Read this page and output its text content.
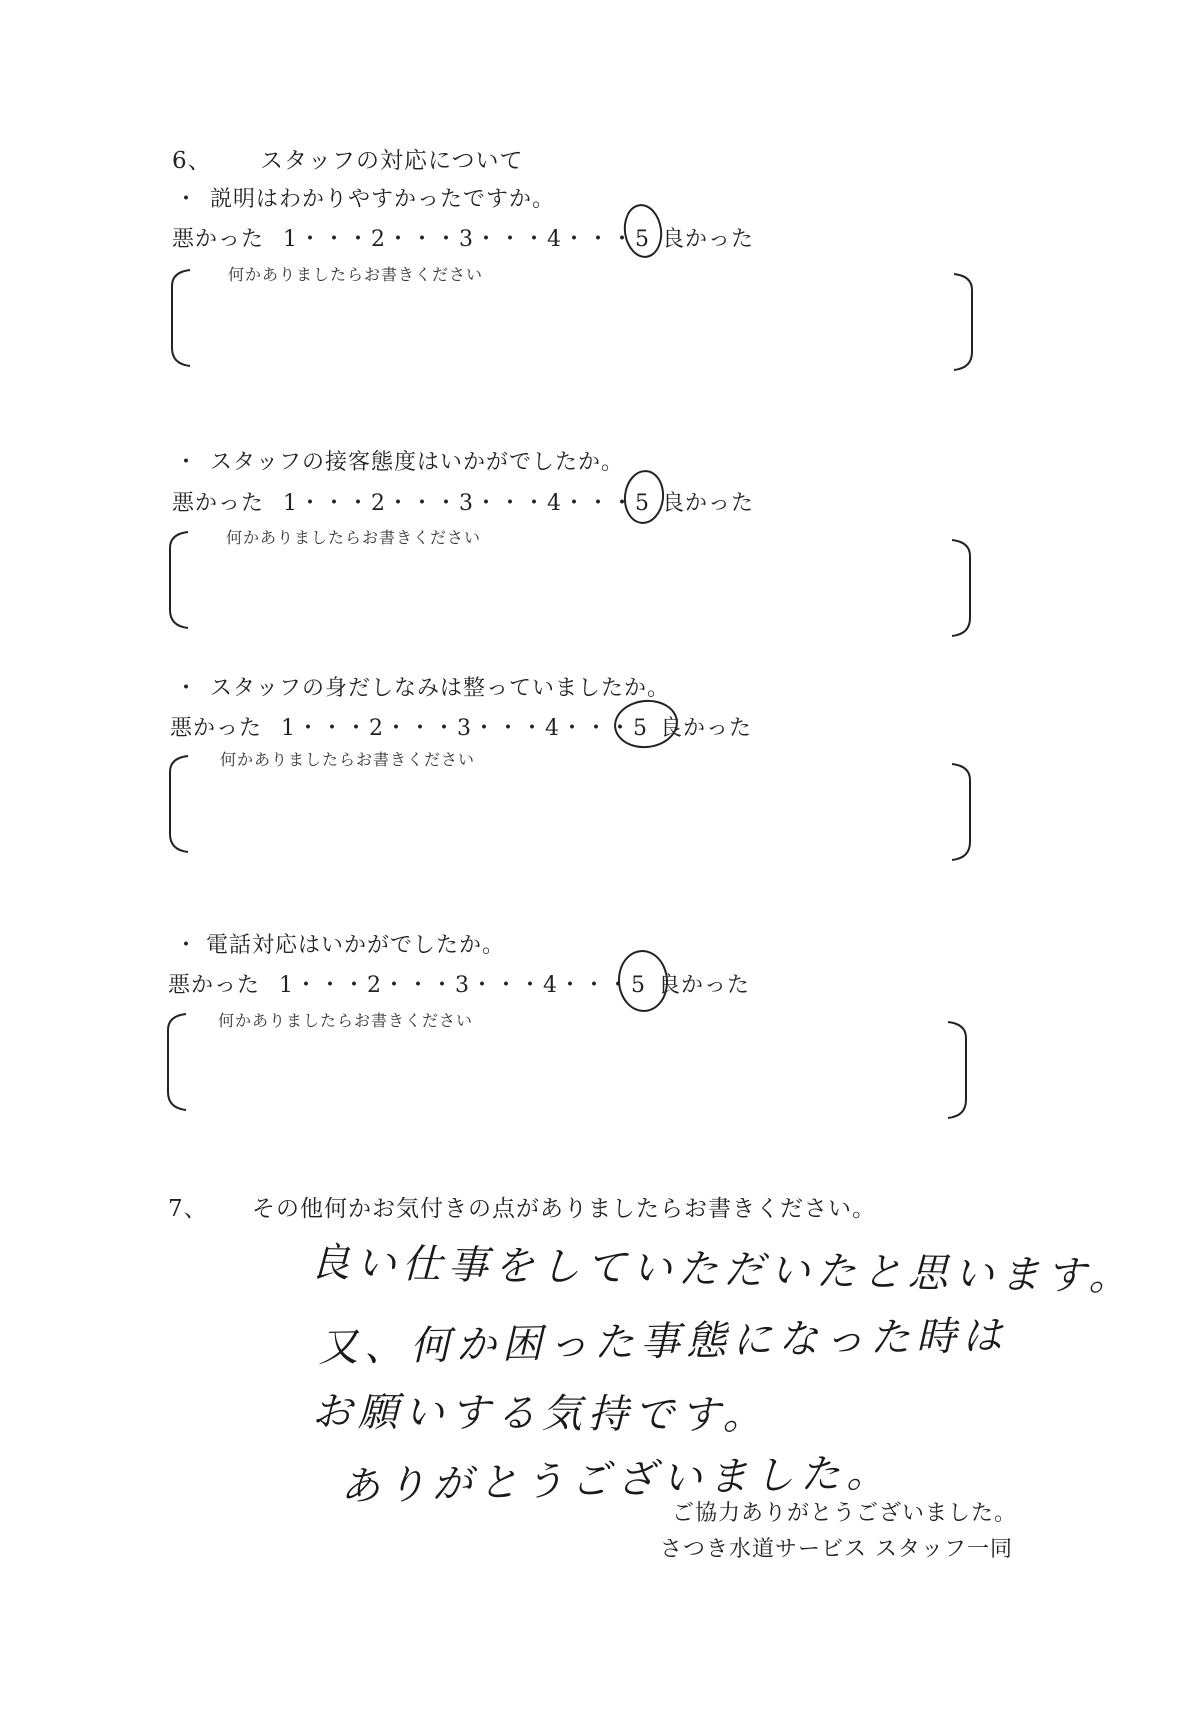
6、 スタッフの対応について
・ 説明はわかりやすかったですか。
悪かった 1・・・2・・・3・・・4・・・5 良かった
何かありましたらお書きください
・ スタッフの接客態度はいかがでしたか。
悪かった 1・・・2・・・3・・・4・・・5 良かった
何かありましたらお書きください
・ スタッフの身だしなみは整っていましたか。
悪かった 1・・・2・・・3・・・4・・・5 良かった
何かありましたらお書きください
・ 電話対応はいかがでしたか。
悪かった 1・・・2・・・3・・・4・・・5 良かった
何かありましたらお書きください
7、 その他何かお気付きの点がありましたらお書きください。
良い仕事をしていただいたと思います。
又、何か困った事態になった時は
お願いする気持です。
ありがとうございました。
ご協力ありがとうございました。
さつき水道サービス スタッフ一同
